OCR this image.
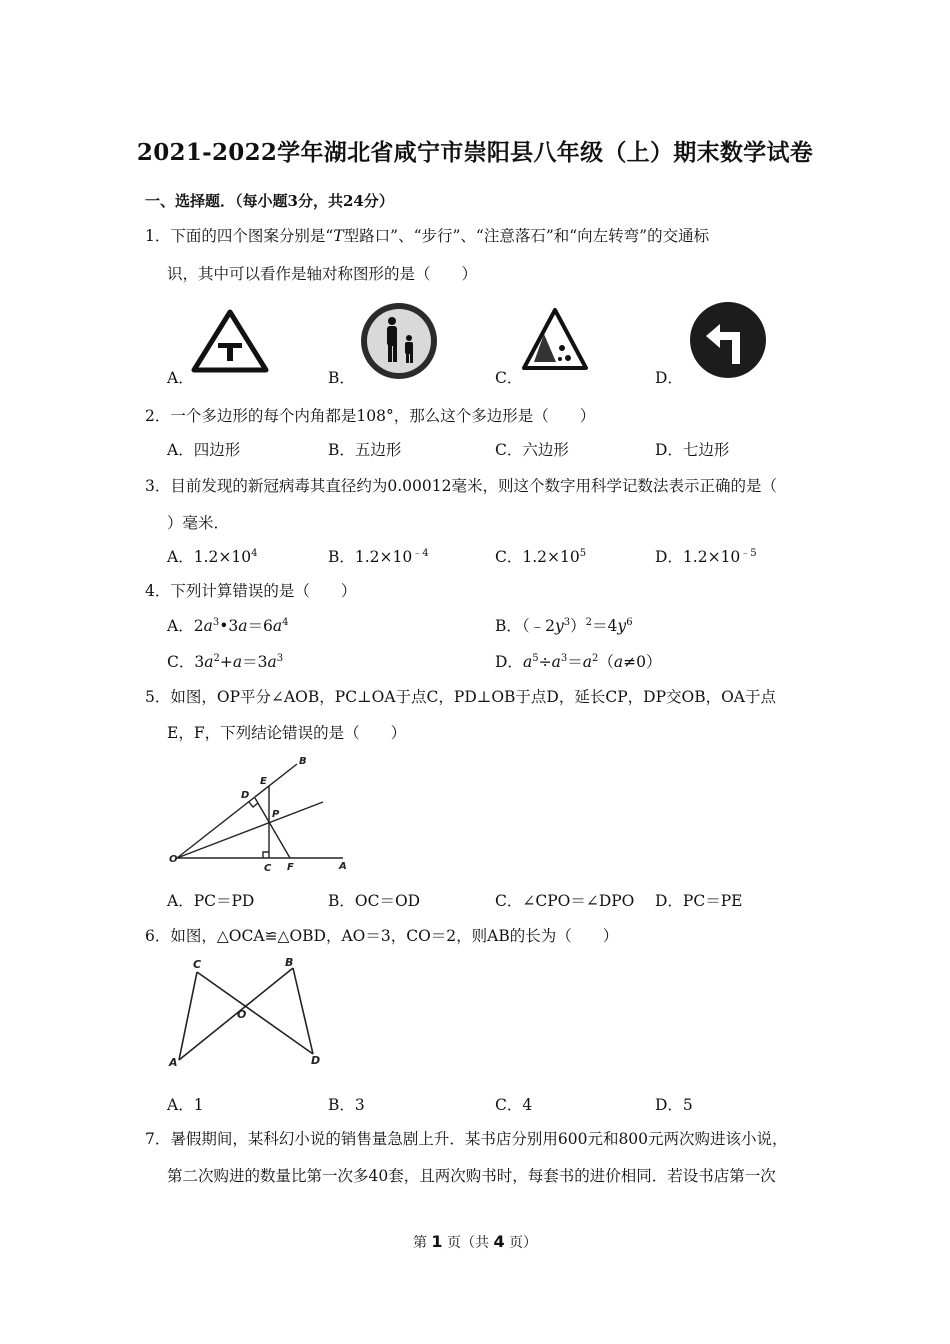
2021-2022学年湖北省咸宁市崇阳县八年级（上）期末数学试卷
一、选择题．（每小题3分，共24分）
1．下面的四个图案分别是“T型路口”、“步行”、“注意落石”和“向左转弯”的交通标
识，其中可以看作是轴对称图形的是（　　）
A．	B．	C．	D．
2．一个多边形的每个内角都是108°，那么这个多边形是（　　）
A．四边形	B．五边形	C．六边形	D．七边形
3．目前发现的新冠病毒其直径约为0.00012毫米，则这个数字用科学记数法表示正确的是（
）毫米．
A．$1.2\times 10^4$	B．$1.2\times 10^{﹣4}$	C．$1.2\times 10^5$	D．$1.2\times 10^{﹣5}$
4．下列计算错误的是（　　）
A．$2a^3•3a=6a^4$	B．$(﹣2y^3)^2=4y^6$
C．$3a^2+a=3a^3$	D．$a^5\div a^3=a^2(a\ne 0)$
5．如图，OP平分∠AOB，PC⊥OA于点C，PD⊥OB于点D，延长CP，DP交OB，OA于点
E，F，下列结论错误的是（　　）
B
E
D
P
O
C F	A
A．PC＝PD	B．OC＝OD	C．∠CPO＝∠DPO D．PC＝PE
6．如图，△OCA≌△OBD，AO＝3，CO＝2，则AB的长为（　　）
C	B
O
A	D
A．1	B．3	C．4	D．5
7．暑假期间，某科幻小说的销售量急剧上升．某书店分别用600元和800元两次购进该小说，
第二次购进的数量比第一次多40套，且两次购书时，每套书的进价相同．若设书店第一次
第 1 页（共 4 页）
